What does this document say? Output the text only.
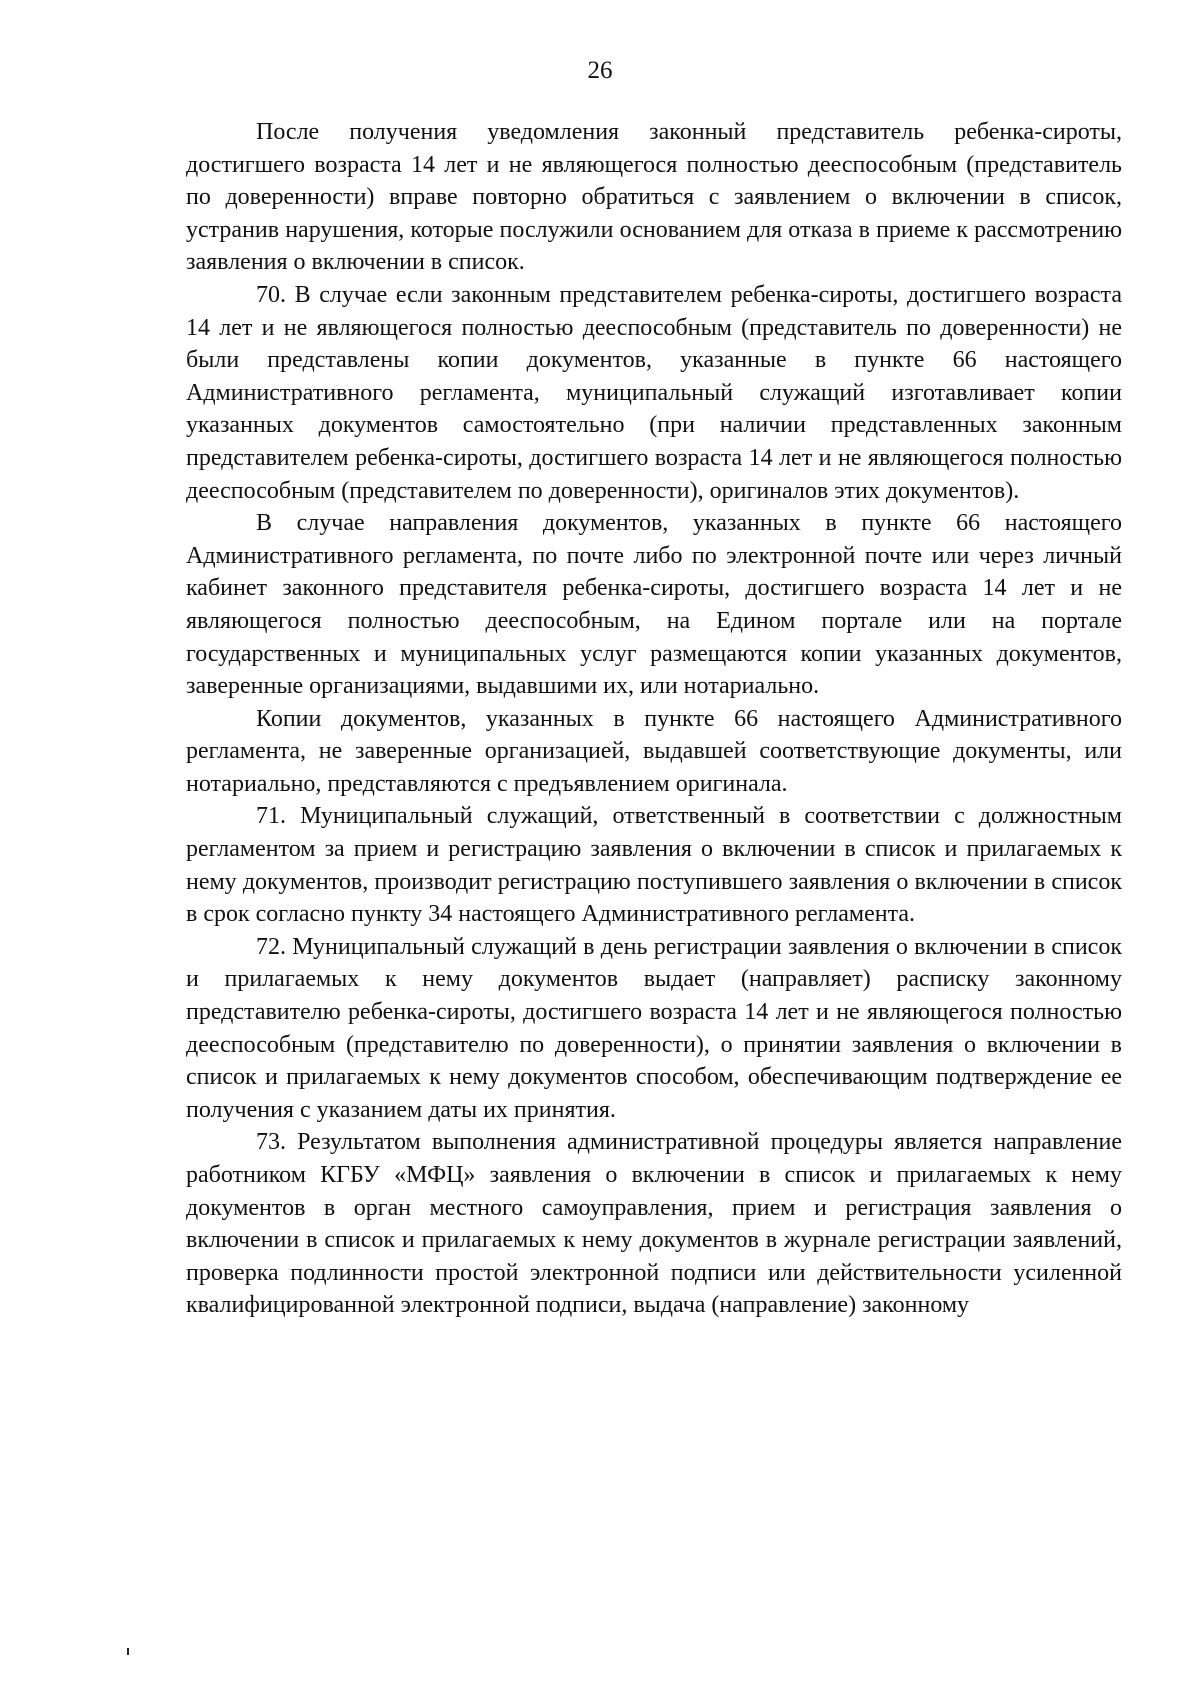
26

После получения уведомления законный представитель ребенка-сироты, достигшего возраста 14 лет и не являющегося полностью дееспособным (представитель по доверенности) вправе повторно обратиться с заявлением о включении в список, устранив нарушения, которые послужили основанием для отказа в приеме к рассмотрению заявления о включении в список.

70. В случае если законным представителем ребенка-сироты, достигшего возраста 14 лет и не являющегося полностью дееспособным (представитель по доверенности) не были представлены копии документов, указанные в пункте 66 настоящего Административного регламента, муниципальный служащий изготавливает копии указанных документов самостоятельно (при наличии представленных законным представителем ребенка-сироты, достигшего возраста 14 лет и не являющегося полностью дееспособным (представителем по доверенности), оригиналов этих документов).

В случае направления документов, указанных в пункте 66 настоящего Административного регламента, по почте либо по электронной почте или через личный кабинет законного представителя ребенка-сироты, достигшего возраста 14 лет и не являющегося полностью дееспособным, на Едином портале или на портале государственных и муниципальных услуг размещаются копии указанных документов, заверенные организациями, выдавшими их, или нотариально.

Копии документов, указанных в пункте 66 настоящего Административного регламента, не заверенные организацией, выдавшей соответствующие документы, или нотариально, представляются с предъявлением оригинала.

71. Муниципальный служащий, ответственный в соответствии с должностным регламентом за прием и регистрацию заявления о включении в список и прилагаемых к нему документов, производит регистрацию поступившего заявления о включении в список в срок согласно пункту 34 настоящего Административного регламента.

72. Муниципальный служащий в день регистрации заявления о включении в список и прилагаемых к нему документов выдает (направляет) расписку законному представителю ребенка-сироты, достигшего возраста 14 лет и не являющегося полностью дееспособным (представителю по доверенности), о принятии заявления о включении в список и прилагаемых к нему документов способом, обеспечивающим подтверждение ее получения с указанием даты их принятия.

73. Результатом выполнения административной процедуры является направление работником КГБУ «МФЦ» заявления о включении в список и прилагаемых к нему документов в орган местного самоуправления, прием и регистрация заявления о включении в список и прилагаемых к нему документов в журнале регистрации заявлений, проверка подлинности простой электронной подписи или действительности усиленной квалифицированной электронной подписи, выдача (направление) законному
